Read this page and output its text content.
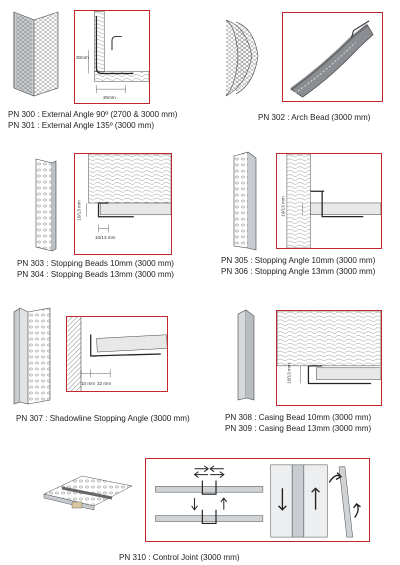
30mm
30mm
PN 300 : External Angle 90º (2700 & 3000 mm)
PN 301 : External Angle 135º (3000 mm)
PN 302 : Arch Bead (3000 mm)
10/13 mm
10/13 mm
PN 303 : Stopping Beads 10mm (3000 mm)
PN 304 : Stopping Beads 13mm (3000 mm)
10/13 mm
PN 305 : Stopping Angle 10mm (3000 mm)
PN 306 : Stopping Angle 13mm (3000 mm)
10 mm 32 mm
PN 307 : Shadowline Stopping Angle (3000 mm)
10/13 mm
PN 308 : Casing Bead 10mm (3000 mm)
PN 309 : Casing Bead 13mm (3000 mm)
PN 310 : Control Joint (3000 mm)
